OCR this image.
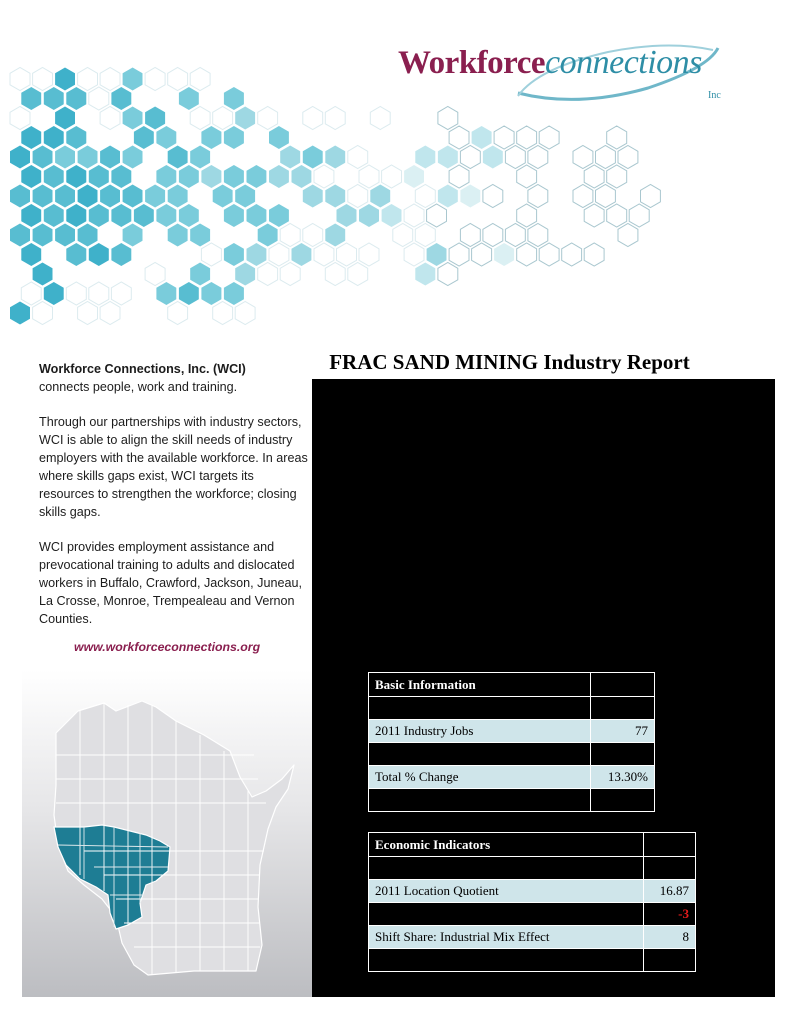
Workforceconnections
Inc

Workforce Connections, Inc. (WCI)
connects people, work and training.

Through our partnerships with industry sectors, WCI is able to align the skill needs of industry employers with the available workforce. In areas where skills gaps exist, WCI targets its resources to strengthen the workforce; closing skills gaps.

WCI provides employment assistance and prevocational training to adults and dislocated workers in Buffalo, Crawford, Jackson, Juneau, La Crosse, Monroe, Trempealeau and Vernon Counties.

www.workforceconnections.org
FRAC SAND MINING Industry Report
Basic Information	

2011 Industry Jobs	77

Total % Change	13.30%

Economic Indicators	

2011 Location Quotient	16.87
	-3
Shift Share: Industrial Mix Effect	8
